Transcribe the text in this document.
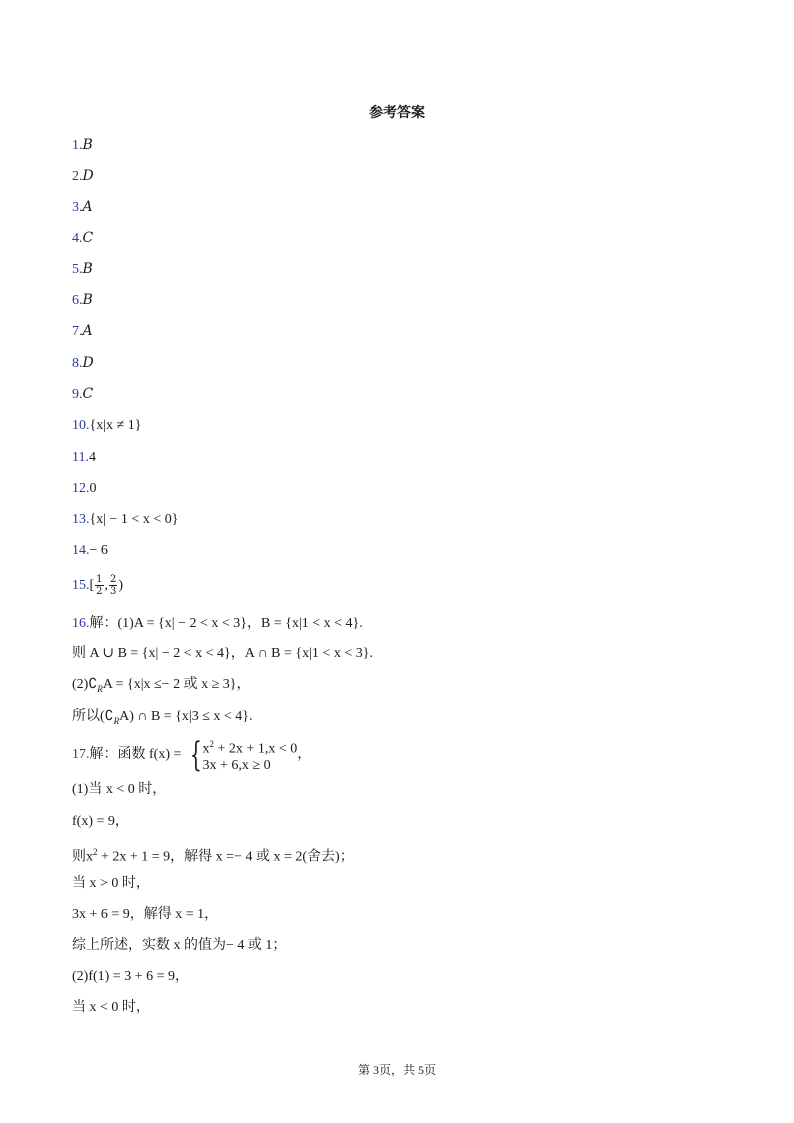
参考答案
1.B
2.D
3.A
4.C
5.B
6.B
7.A
8.D
9.C
10.{x|x ≠ 1}
11.4
12.0
13.{x| − 1 < x < 0}
14.− 6
$15.[ \frac{1}{2}$ , $\frac{2}{3}$ )
16.解：(1)A = {x| − 2 < x < 3}，B = {x|1 < x < 4}.
则 A ∪ B = {x| − 2 < x < 4}，A ∩ B = {x|1 < x < 3}.
$(2)∁_RA = \{x|x \le- 2$ 或 x ≥ 3}，
所以$(∁_RA)$ ∩ B = {x|3 ≤ x < 4}.
17.解：函数 f(x) = { $x^2 + 2x + 1,x < 0$
3x + 6,x ≥ 0
，
(1)当 x < 0 时，
f(x) = 9，
则$x^2 + 2x + 1 = 9$，解得 x =− 4 或 x = 2(舍去)；
当 x > 0 时，
3x + 6 = 9，解得 x = 1，
综上所述，实数 x 的值为− 4 或 1；
(2)f(1) = 3 + 6 = 9，
当 x < 0 时，
第 3页，共 5页
